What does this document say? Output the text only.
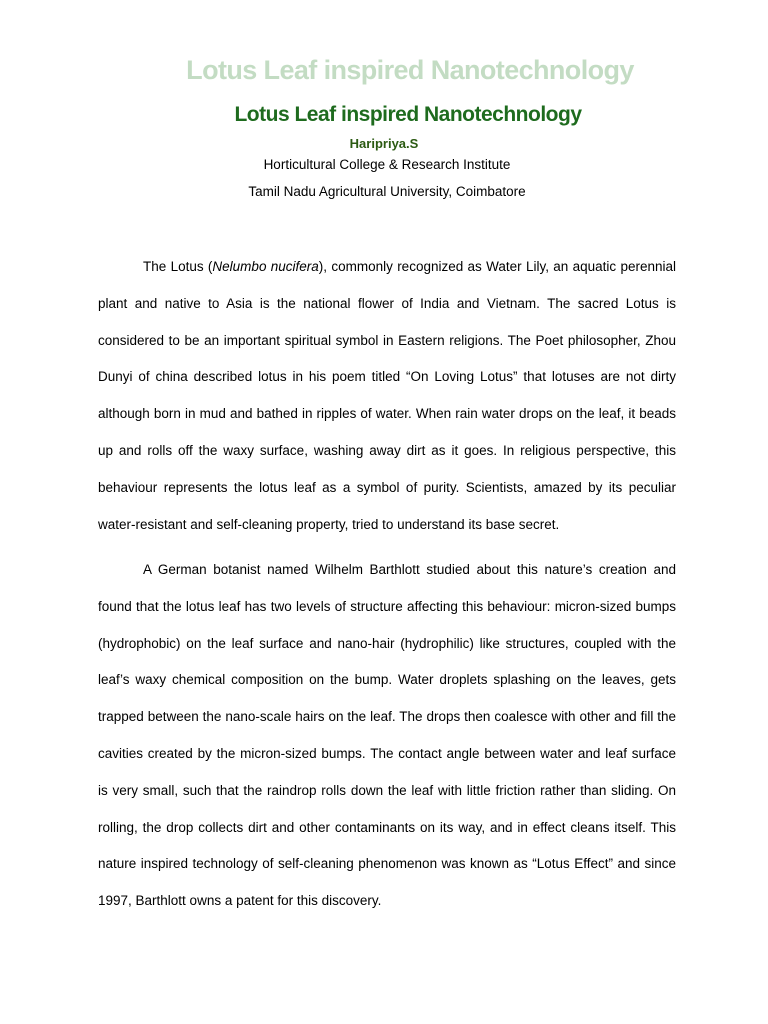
Lotus Leaf inspired Nanotechnology
Lotus Leaf inspired Nanotechnology
Haripriya.S
Horticultural College & Research Institute
Tamil Nadu Agricultural University, Coimbatore

The Lotus (Nelumbo nucifera), commonly recognized as Water Lily, an aquatic perennial plant and native to Asia is the national flower of India and Vietnam. The sacred Lotus is considered to be an important spiritual symbol in Eastern religions. The Poet philosopher, Zhou Dunyi of china described lotus in his poem titled “On Loving Lotus” that lotuses are not dirty although born in mud and bathed in ripples of water. When rain water drops on the leaf, it beads up and rolls off the waxy surface, washing away dirt as it goes. In religious perspective, this behaviour represents the lotus leaf as a symbol of purity. Scientists, amazed by its peculiar water-resistant and self-cleaning property, tried to understand its base secret.

A German botanist named Wilhelm Barthlott studied about this nature’s creation and found that the lotus leaf has two levels of structure affecting this behaviour: micron-sized bumps (hydrophobic) on the leaf surface and nano-hair (hydrophilic) like structures, coupled with the leaf’s waxy chemical composition on the bump. Water droplets splashing on the leaves, gets trapped between the nano-scale hairs on the leaf. The drops then coalesce with other and fill the cavities created by the micron-sized bumps. The contact angle between water and leaf surface is very small, such that the raindrop rolls down the leaf with little friction rather than sliding. On rolling, the drop collects dirt and other contaminants on its way, and in effect cleans itself. This nature inspired technology of self-cleaning phenomenon was known as “Lotus Effect” and since 1997, Barthlott owns a patent for this discovery.
